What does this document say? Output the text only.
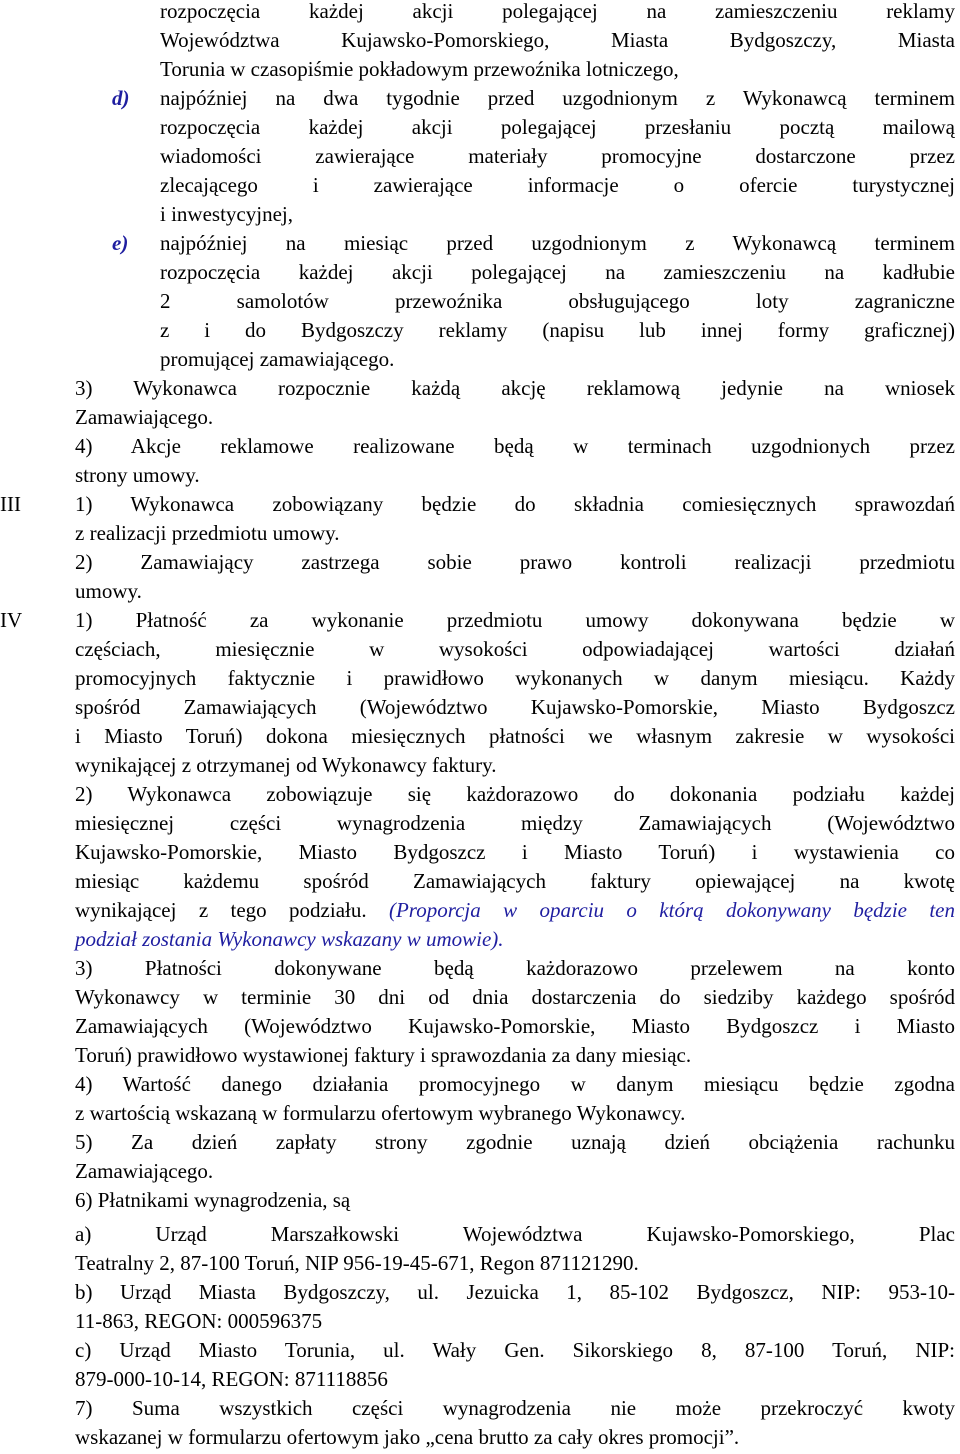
rozpoczęcia każdej akcji polegającej na zamieszczeniu reklamy
Województwa Kujawsko-Pomorskiego, Miasta Bydgoszczy, Miasta
Torunia w czasopiśmie pokładowym przewoźnika lotniczego,
d)	najpóźniej na dwa tygodnie przed uzgodnionym z Wykonawcą terminem
rozpoczęcia każdej akcji polegającej przesłaniu pocztą mailową
wiadomości zawierające materiały promocyjne dostarczone przez
zlecającego i zawierające informacje o ofercie turystycznej
i inwestycyjnej,
e)	najpóźniej na miesiąc przed uzgodnionym z Wykonawcą terminem
rozpoczęcia każdej akcji polegającej na zamieszczeniu na kadłubie
2 samolotów przewoźnika obsługującego loty zagraniczne
z i do Bydgoszczy reklamy (napisu lub innej formy graficznej)
promującej zamawiającego.
3) Wykonawca rozpocznie każdą akcję reklamową jedynie na wniosek
Zamawiającego.
4) Akcje reklamowe realizowane będą w terminach uzgodnionych przez
strony umowy.
III	1) Wykonawca zobowiązany będzie do składnia comiesięcznych sprawozdań
z realizacji przedmiotu umowy.
2) Zamawiający zastrzega sobie prawo kontroli realizacji przedmiotu
umowy.
IV	1) Płatność za wykonanie przedmiotu umowy dokonywana będzie w
częściach, miesięcznie w wysokości odpowiadającej wartości działań
promocyjnych faktycznie i prawidłowo wykonanych w danym miesiącu. Każdy
spośród Zamawiających (Województwo Kujawsko-Pomorskie, Miasto Bydgoszcz
i Miasto Toruń) dokona miesięcznych płatności we własnym zakresie w wysokości
wynikającej z otrzymanej od Wykonawcy faktury.
2) Wykonawca zobowiązuje się każdorazowo do dokonania podziału każdej
miesięcznej części wynagrodzenia między Zamawiających (Województwo
Kujawsko-Pomorskie, Miasto Bydgoszcz i Miasto Toruń) i wystawienia co
miesiąc każdemu spośród Zamawiających faktury opiewającej na kwotę
wynikającej z tego podziału. (Proporcja w oparciu o którą dokonywany będzie ten
podział zostania Wykonawcy wskazany w umowie).
3) Płatności dokonywane będą każdorazowo przelewem na konto
Wykonawcy w terminie 30 dni od dnia dostarczenia do siedziby każdego spośród
Zamawiających (Województwo Kujawsko-Pomorskie, Miasto Bydgoszcz i Miasto
Toruń) prawidłowo wystawionej faktury i sprawozdania za dany miesiąc.
4) Wartość danego działania promocyjnego w danym miesiącu będzie zgodna
z wartością wskazaną w formularzu ofertowym wybranego Wykonawcy.
5) Za dzień zapłaty strony zgodnie uznają dzień obciążenia rachunku
Zamawiającego.
6) Płatnikami wynagrodzenia, są
a) Urząd Marszałkowski Województwa Kujawsko-Pomorskiego, Plac
Teatralny 2, 87-100 Toruń, NIP 956-19-45-671, Regon 871121290.
b) Urząd Miasta Bydgoszczy, ul. Jezuicka 1, 85-102 Bydgoszcz, NIP: 953-10-
11-863, REGON: 000596375
c) Urząd Miasto Torunia, ul. Wały Gen. Sikorskiego 8, 87-100 Toruń, NIP:
879-000-10-14, REGON: 871118856
7) Suma wszystkich części wynagrodzenia nie może przekroczyć kwoty
wskazanej w formularzu ofertowym jako „cena brutto za cały okres promocji”.
